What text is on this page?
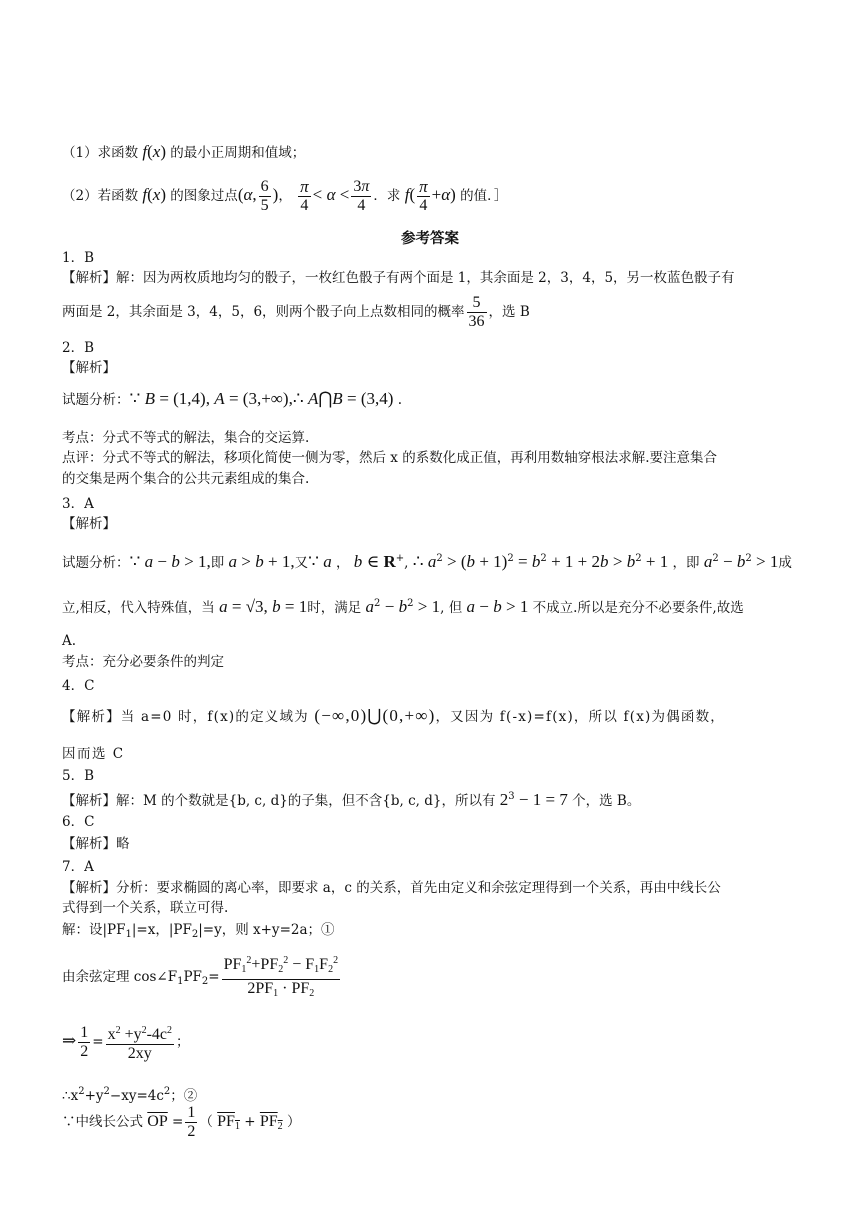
（1）求函数 f(x) 的最小正周期和值域；
（2）若函数 f(x) 的图象过点(α, $\frac{6}{5}$ )， $\frac{\pi}{4} < \alpha < \frac{3\pi}{4}$ ．求 $f( \frac{\pi}{4} +\alpha)$ 的值．］
参考答案
1．B
【解析】解：因为两枚质地均匀的骰子，一枚红色骰子有两个面是 1，其余面是 2，3，4，5，另一枚蓝色骰子有
两面是 2，其余面是 3，4，5，6，则两个骰子向上点数相同的概率 $\frac{5}{36}$ ，选 B
2．B
【解析】
试题分析：∵ B = (1,4), A = (3,+∞),∴ A⋂B = (3,4) .
考点：分式不等式的解法，集合的交运算.
点评：分式不等式的解法，移项化简使一侧为零，然后 x 的系数化成正值，再利用数轴穿根法求解.要注意集合
的交集是两个集合的公共元素组成的集合.
3．A
【解析】
试题分析：∵ a − b > 1,即 a > b + 1,又∵ a ， b ∈ R+, ∴ $a^2 > (b + 1)^2 = b^2 + 1 + 2b > b^2 + 1$ ，即 $a^2 - b^2 > 1$成
立,相反，代入特殊值，当 a = √3, b = 1时，满足 $a^2 - b^2 > 1$, 但 a − b > 1 不成立.所以是充分不必要条件,故选
A.
考点：充分必要条件的判定
4．C
【解析】当 a=0 时，f(x)的定义域为 (−∞,0)⋃(0,+∞)，又因为 f(-x)=f(x)，所以 f(x)为偶函数，
因而选 C
5．B
【解析】解：M 的个数就是{b, c, d}的子集，但不含{b, c, d}，所以有 $2^3 - 1 = 7$ 个，选 B。
6．C
【解析】略
7．A
【解析】分析：要求椭圆的离心率，即要求 a，c 的关系，首先由定义和余弦定理得到一个关系，再由中线长公
式得到一个关系，联立可得.
解：设$|PF_1|=x$，$|PF_2|=y$，则 x+y=2a；①
由余弦定理 $\cos\angle F_1PF_2= \frac{PF_1^2+PF_2^2 - F_1F_2^2}{2PF_1 \cdot PF_2}$
⇒ $\frac{1}{2} = \frac{x^2 +y^2-4c^2}{2xy}$ ；
$\therefore x^2+y^2-xy=4c^2$；②
∵中线长公式 $\overline{OP} = \frac{1}{2}$ （ $PF_1 + PF_2$ ）
